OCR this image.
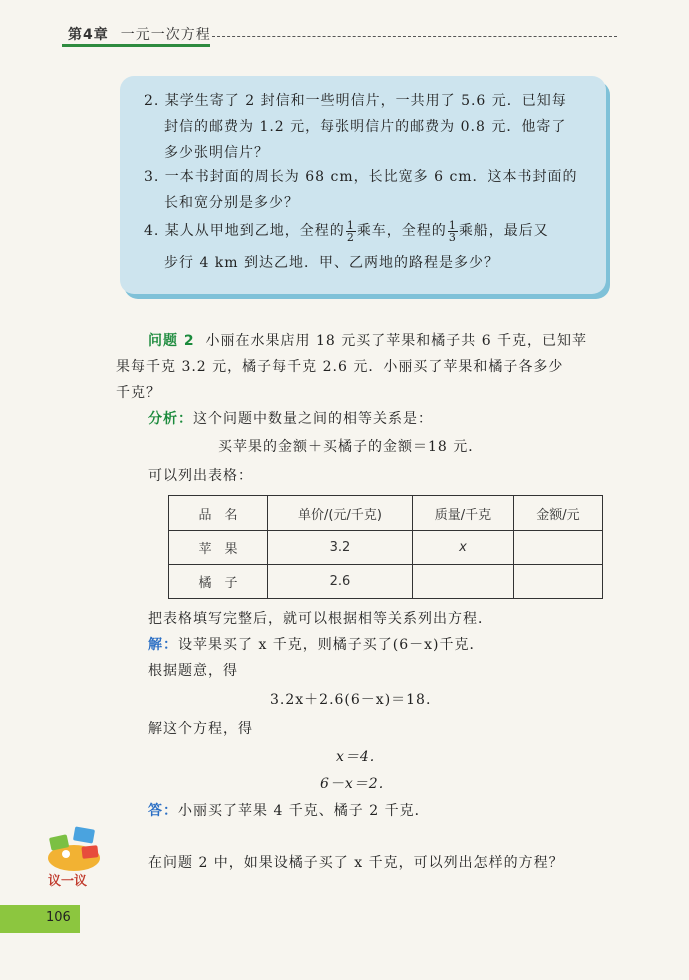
第4章 一元一次方程
2. 某学生寄了 2 封信和一些明信片，一共用了 5.6 元．已知每
封信的邮费为 1.2 元，每张明信片的邮费为 0.8 元．他寄了
多少张明信片？
3. 一本书封面的周长为 68 cm，长比宽多 6 cm．这本书封面的
长和宽分别是多少？
4. 某人从甲地到乙地，全程的 $\frac{1}{2}$ 乘车，全程的 $\frac{1}{3}$ 乘船，最后又
步行 4 km 到达乙地．甲、乙两地的路程是多少？
问题 2 小丽在水果店用 18 元买了苹果和橘子共 6 千克，已知苹
果每千克 3.2 元，橘子每千克 2.6 元．小丽买了苹果和橘子各多少
千克？
分析：这个问题中数量之间的相等关系是：
买苹果的金额＋买橘子的金额＝18 元．
可以列出表格：
品　名	单价/(元/千克)	质量/千克	金额/元
苹　果	3.2	x	
橘　子	2.6		
把表格填写完整后，就可以根据相等关系列出方程．
解：设苹果买了 x 千克，则橘子买了(6－x)千克．
根据题意，得
3.2x＋2.6(6－x)＝18.
解这个方程，得
x＝4.
6－x＝2.
答：小丽买了苹果 4 千克、橘子 2 千克．
议一议
在问题 2 中，如果设橘子买了 x 千克，可以列出怎样的方程？
106
